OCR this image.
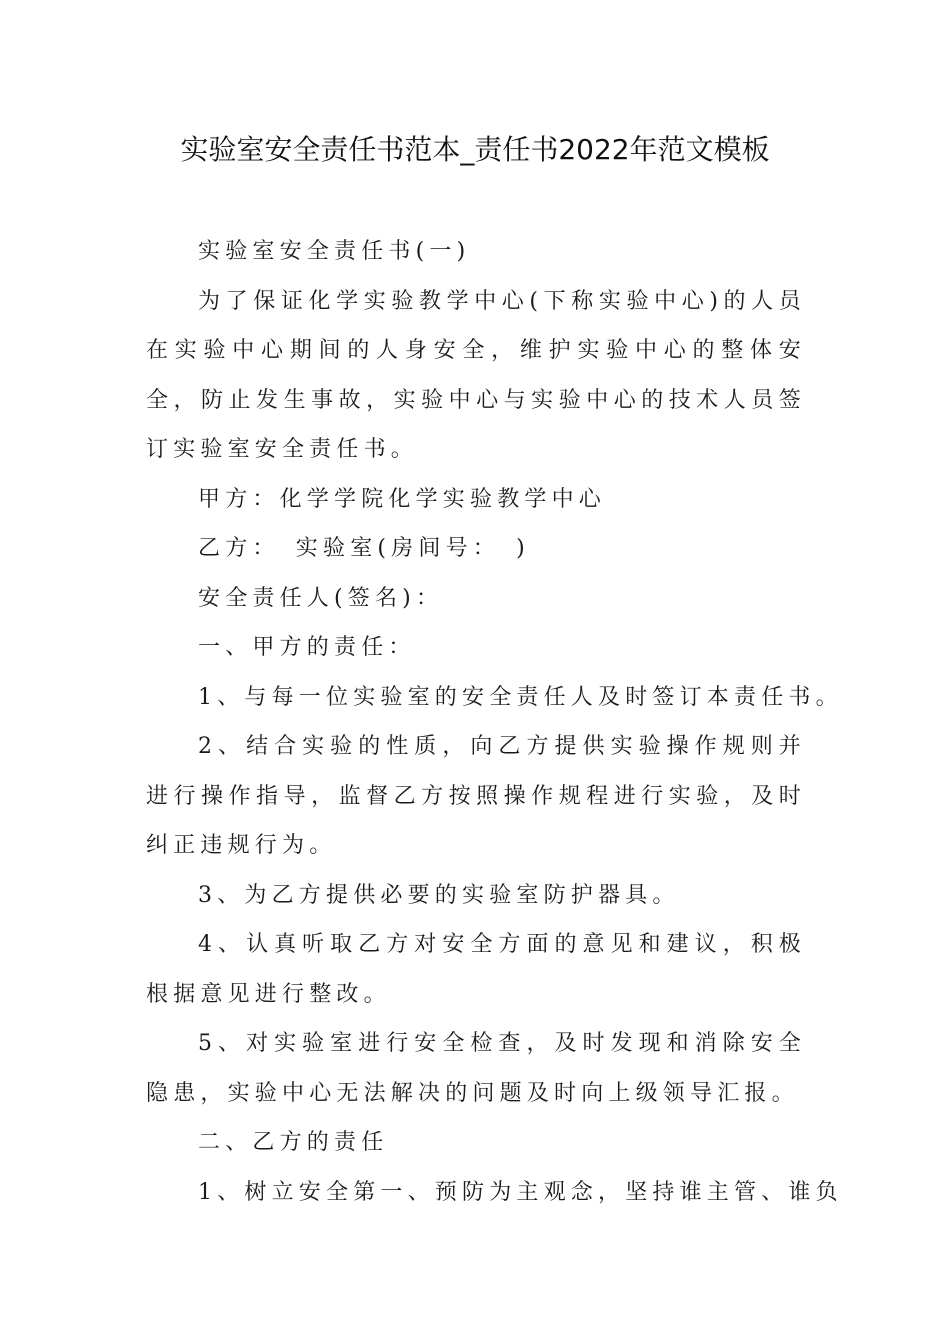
实验室安全责任书范本_责任书2022年范文模板

实验室安全责任书(一)

为了保证化学实验教学中心(下称实验中心)的人员在实验中心期间的人身安全，维护实验中心的整体安全，防止发生事故，实验中心与实验中心的技术人员签订实验室安全责任书。

甲方：化学学院化学实验教学中心

乙方：　实验室(房间号：　)

安全责任人(签名)：

一、甲方的责任：

1、与每一位实验室的安全责任人及时签订本责任书。

2、结合实验的性质，向乙方提供实验操作规则并进行操作指导，监督乙方按照操作规程进行实验，及时纠正违规行为。

3、为乙方提供必要的实验室防护器具。

4、认真听取乙方对安全方面的意见和建议，积极根据意见进行整改。

5、对实验室进行安全检查，及时发现和消除安全隐患，实验中心无法解决的问题及时向上级领导汇报。

二、乙方的责任

1、树立安全第一、预防为主观念，坚持谁主管、谁负
